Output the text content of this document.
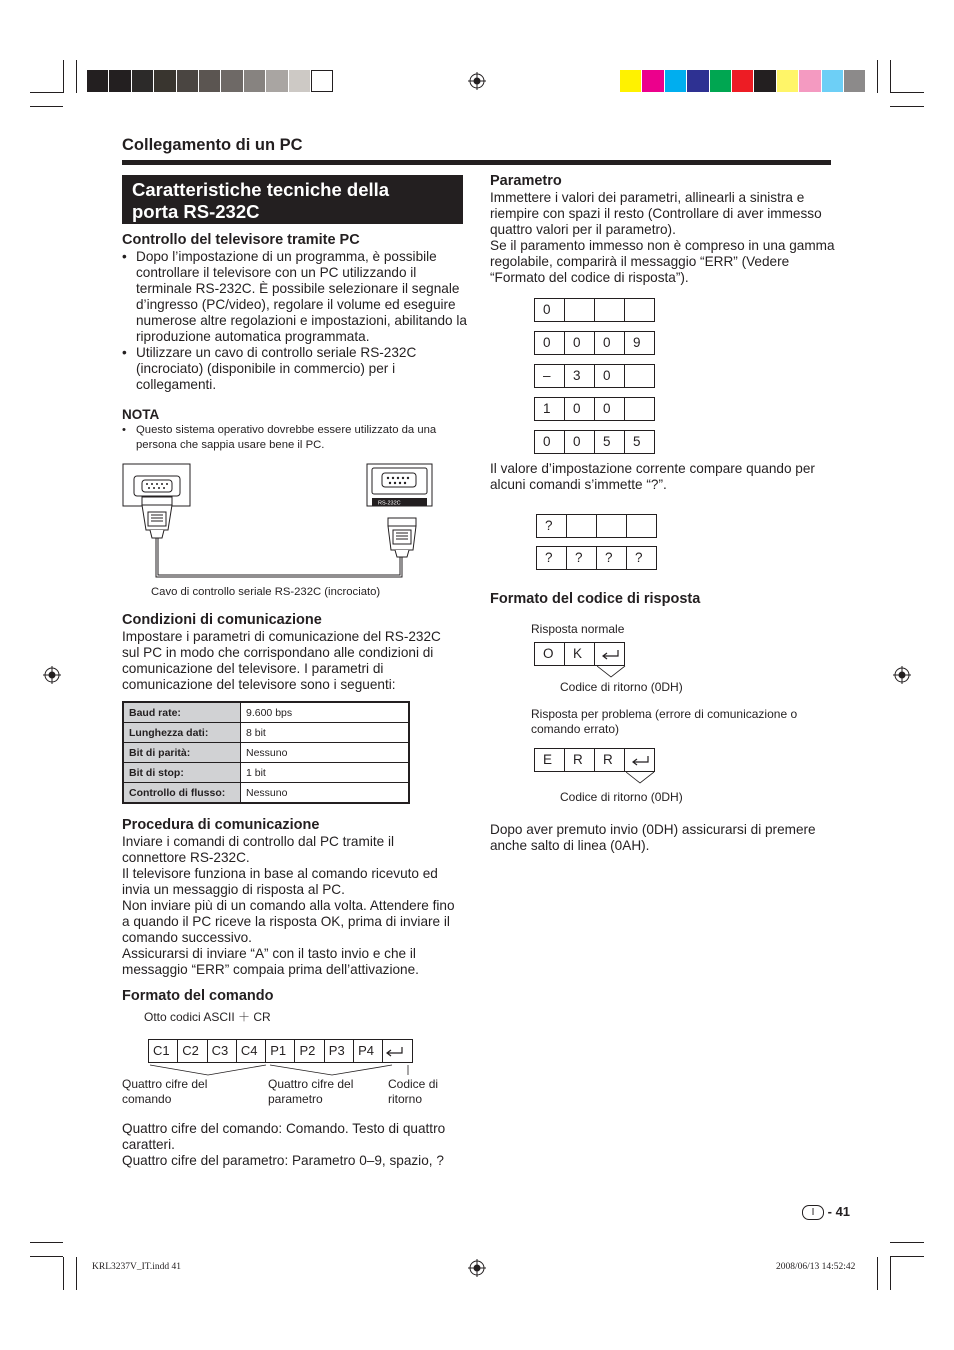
Collegamento di un PC
Caratteristiche tecniche della
porta RS-232C
Controllo del televisore tramite PC
• Dopo l’impostazione di un programma, è possibile controllare il televisore con un PC utilizzando il terminale RS-232C. È possibile selezionare il segnale d’ingresso (PC/video), regolare il volume ed eseguire numerose altre regolazioni e impostazioni, abilitando la riproduzione automatica programmata.
• Utilizzare un cavo di controllo seriale RS-232C (incrociato) (disponibile in commercio) per i collegamenti.
NOTA
• Questo sistema operativo dovrebbe essere utilizzato da una persona che sappia usare bene il PC.
RS-232C
Cavo di controllo seriale RS-232C (incrociato)
Condizioni di comunicazione
Impostare i parametri di comunicazione del RS-232C sul PC in modo che corrispondano alle condizioni di comunicazione del televisore. I parametri di comunicazione del televisore sono i seguenti:
Baud rate:	9.600 bps
Lunghezza dati:	8 bit
Bit di parità:	Nessuno
Bit di stop:	1 bit
Controllo di flusso:	Nessuno
Procedura di comunicazione
Inviare i comandi di controllo dal PC tramite il connettore RS-232C.
Il televisore funziona in base al comando ricevuto ed invia un messaggio di risposta al PC.
Non inviare più di un comando alla volta. Attendere fino a quando il PC riceve la risposta OK, prima di inviare il comando successivo.
Assicurarsi di inviare “A” con il tasto invio e che il messaggio “ERR” compaia prima dell’attivazione.
Formato del comando
Otto codici ASCII ＋ CR
C1 C2 C3 C4 P1	P2	P3	P4
Quattro cifre del comando
Quattro cifre del parametro
Codice di ritorno
Quattro cifre del comando: Comando. Testo di quattro caratteri.
Quattro cifre del parametro: Parametro 0–9, spazio, ?
Parametro
Immettere i valori dei parametri, allinearli a sinistra e riempire con spazi il resto (Controllare di aver immesso quattro valori per il parametro).
Se il paramento immesso non è compreso in una gamma regolabile, comparirà il messaggio “ERR” (Vedere “Formato del codice di risposta”).
0
0	0	0	9
–	3	0
1	0	0
0	0	5	5
Il valore d’impostazione corrente compare quando per alcuni comandi s’immette “?”.
?
?	?	?	?
Formato del codice di risposta
Risposta normale
O	K
Codice di ritorno (0DH)
Risposta per problema (errore di comunicazione o comando errato)
E	R	R
Codice di ritorno (0DH)
Dopo aver premuto invio (0DH) assicurarsi di premere anche salto di linea (0AH).
I - 41
KRL3237V_IT.indd 41	2008/06/13 14:52:42
